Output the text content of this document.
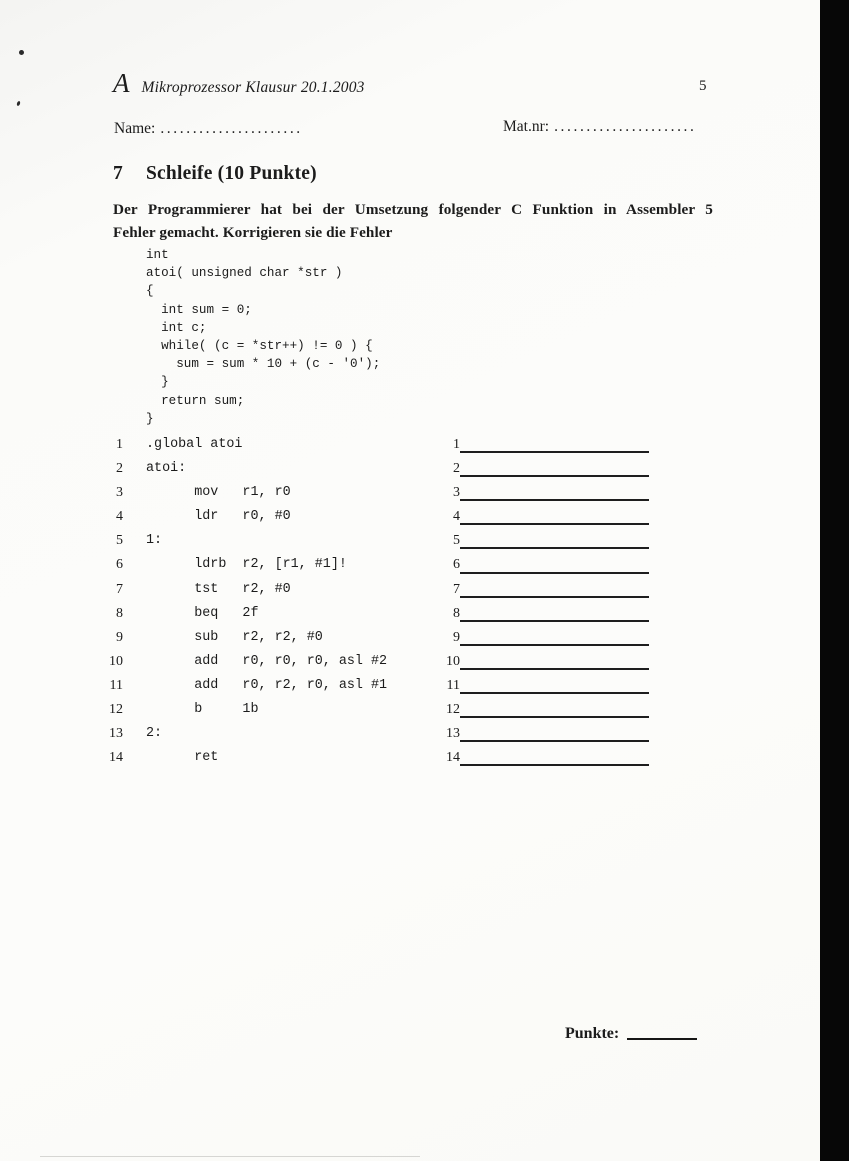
A Mikroprozessor Klausur 20.1.2003	5
Name: ......................	Mat.nr: ......................
7	Schleife (10 Punkte)
Der Programmierer hat bei der Umsetzung folgender C Funktion in Assembler 5
Fehler gemacht. Korrigieren sie die Fehler
int
atoi( unsigned char *str )
{
int sum = 0;
int c;
while( (c = *str++) != 0 ) {
sum = sum * 10 + (c - '0');
}
return sum;
}
1 .global atoi
2 atoi:
3 mov   r1, r0
4 ldr   r0, #0
5 1:
6 ldrb  r2, [r1, #1]!
7 tst   r2, #0
8 beq   2f
9 sub   r2, r2, #0
10 add   r0, r0, r0, asl #2
11 add   r0, r2, r0, asl #1
12 b     1b
13 2:
14 ret
1
2
3
4
5
6
7
8
9
10
11
12
13
14
Punkte:
